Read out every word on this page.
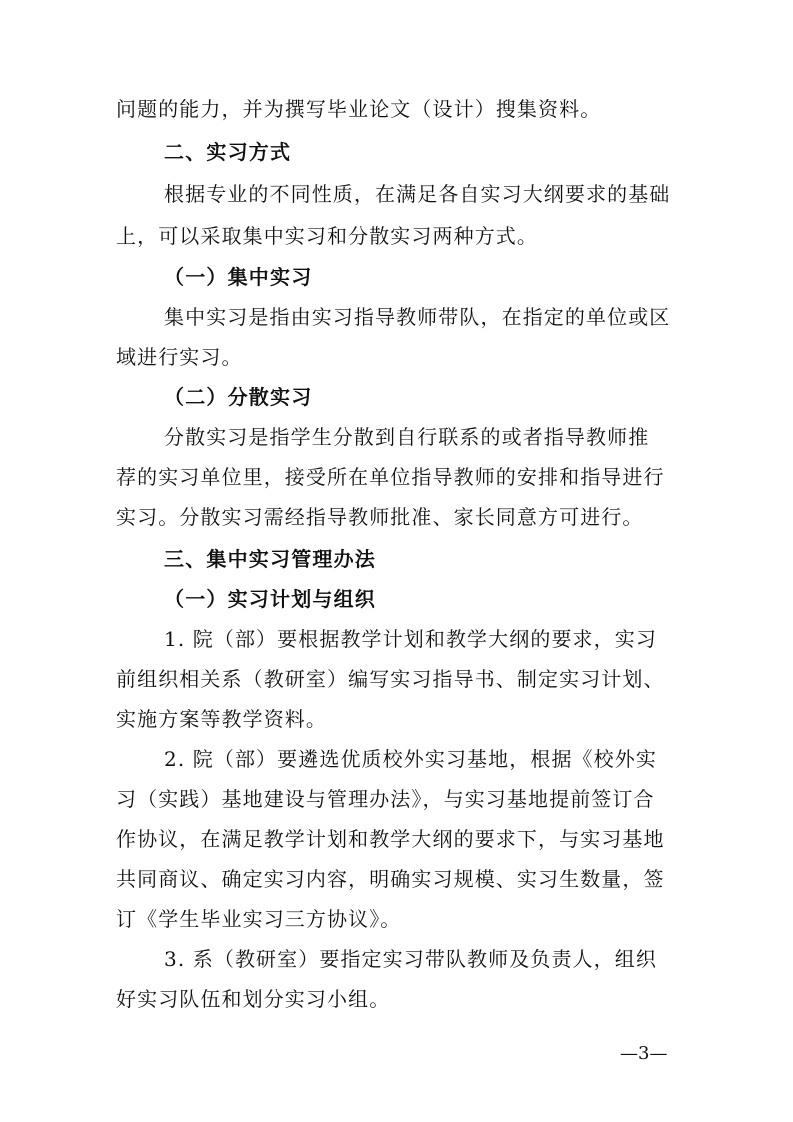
问题的能力，并为撰写毕业论文（设计）搜集资料。
二、实习方式
根据专业的不同性质，在满足各自实习大纲要求的基础
上，可以采取集中实习和分散实习两种方式。
（一）集中实习
集中实习是指由实习指导教师带队，在指定的单位或区
域进行实习。
（二）分散实习
分散实习是指学生分散到自行联系的或者指导教师推
荐的实习单位里，接受所在单位指导教师的安排和指导进行
实习。分散实习需经指导教师批准、家长同意方可进行。
三、集中实习管理办法
（一）实习计划与组织
1. 院（部）要根据教学计划和教学大纲的要求，实习
前组织相关系（教研室）编写实习指导书、制定实习计划、
实施方案等教学资料。
2. 院（部）要遴选优质校外实习基地，根据《校外实
习（实践）基地建设与管理办法》，与实习基地提前签订合
作协议，在满足教学计划和教学大纲的要求下，与实习基地
共同商议、确定实习内容，明确实习规模、实习生数量，签
订《学生毕业实习三方协议》。
3. 系（教研室）要指定实习带队教师及负责人，组织
好实习队伍和划分实习小组。
—3—
